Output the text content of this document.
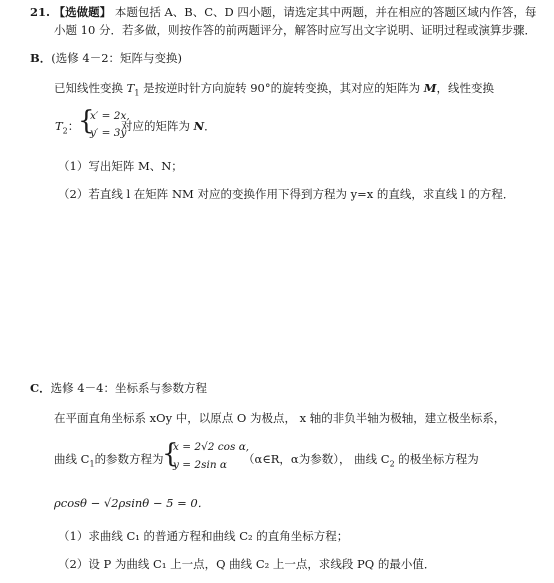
21. 【选做题】 本题包括 A、B、C、D 四小题，请选定其中两题，并在相应的答题区域内作答，每
小题 10 分．若多做，则按作答的前两题评分，解答时应写出文字说明、证明过程或演算步骤．
B．(选修 4－2：矩阵与变换)
已知线性变换 $T_1$ 是按逆时针方向旋转 90°的旋转变换，其对应的矩阵为 M，线性变换
$T_2$：
{
x′ = 2x,
y′ = 3y
对应的矩阵为 N．
（1）写出矩阵 M、N；
（2）若直线 l 在矩阵 NM 对应的变换作用下得到方程为 y=x 的直线，求直线 l 的方程．
C．选修 4－4：坐标系与参数方程
在平面直角坐标系 xOy 中，以原点 O 为极点， x 轴的非负半轴为极轴，建立极坐标系，
曲线 $C_1$的参数方程为
{
x = 2√2 cos α,
y = 2sin α （α∈R，α为参数）， 曲线 $C_2$ 的极坐标方程为
ρcosθ − √2ρsinθ − 5 = 0．
（1）求曲线 C₁ 的普通方程和曲线 C₂ 的直角坐标方程；
（2）设 P 为曲线 C₁ 上一点，Q 曲线 C₂ 上一点，求线段 PQ 的最小值．
